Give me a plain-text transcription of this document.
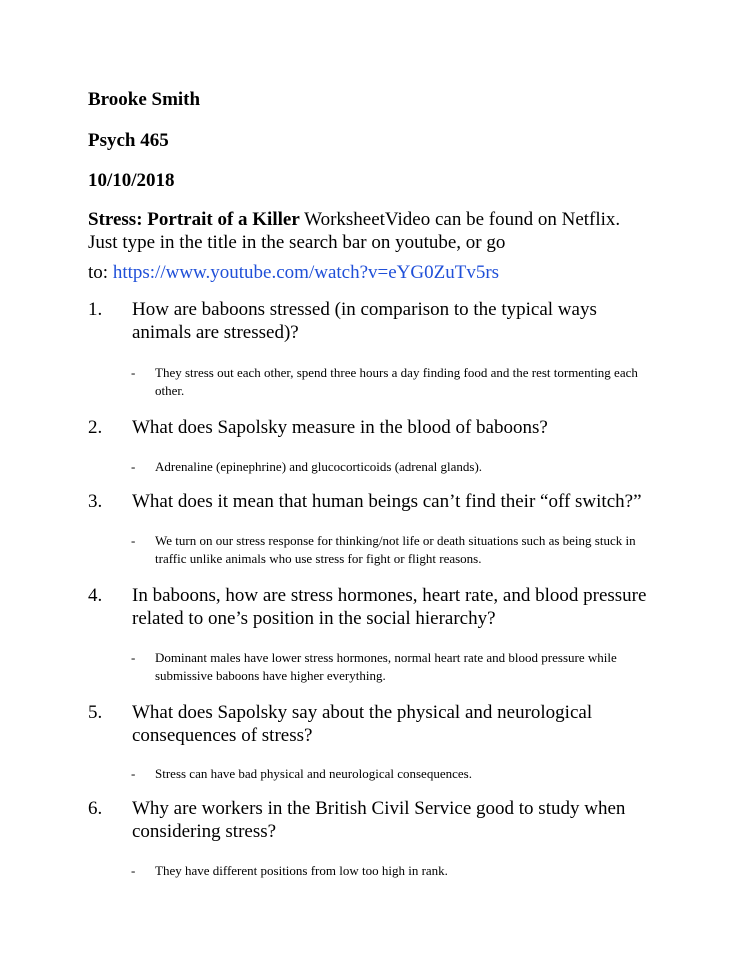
Brooke Smith
Psych 465
10/10/2018
Stress: Portrait of a Killer WorksheetVideo can be found on Netflix.
Just type in the title in the search bar on youtube, or go
to: https://www.youtube.com/watch?v=eYG0ZuTv5rs
1. How are baboons stressed (in comparison to the typical ways animals are stressed)?
- They stress out each other, spend three hours a day finding food and the rest tormenting each other.
2. What does Sapolsky measure in the blood of baboons?
- Adrenaline (epinephrine) and glucocorticoids (adrenal glands).
3. What does it mean that human beings can’t find their “off switch?”
- We turn on our stress response for thinking/not life or death situations such as being stuck in traffic unlike animals who use stress for fight or flight reasons.
4. In baboons, how are stress hormones, heart rate, and blood pressure related to one’s position in the social hierarchy?
- Dominant males have lower stress hormones, normal heart rate and blood pressure while submissive baboons have higher everything.
5. What does Sapolsky say about the physical and neurological consequences of stress?
- Stress can have bad physical and neurological consequences.
6. Why are workers in the British Civil Service good to study when considering stress?
- They have different positions from low too high in rank.
